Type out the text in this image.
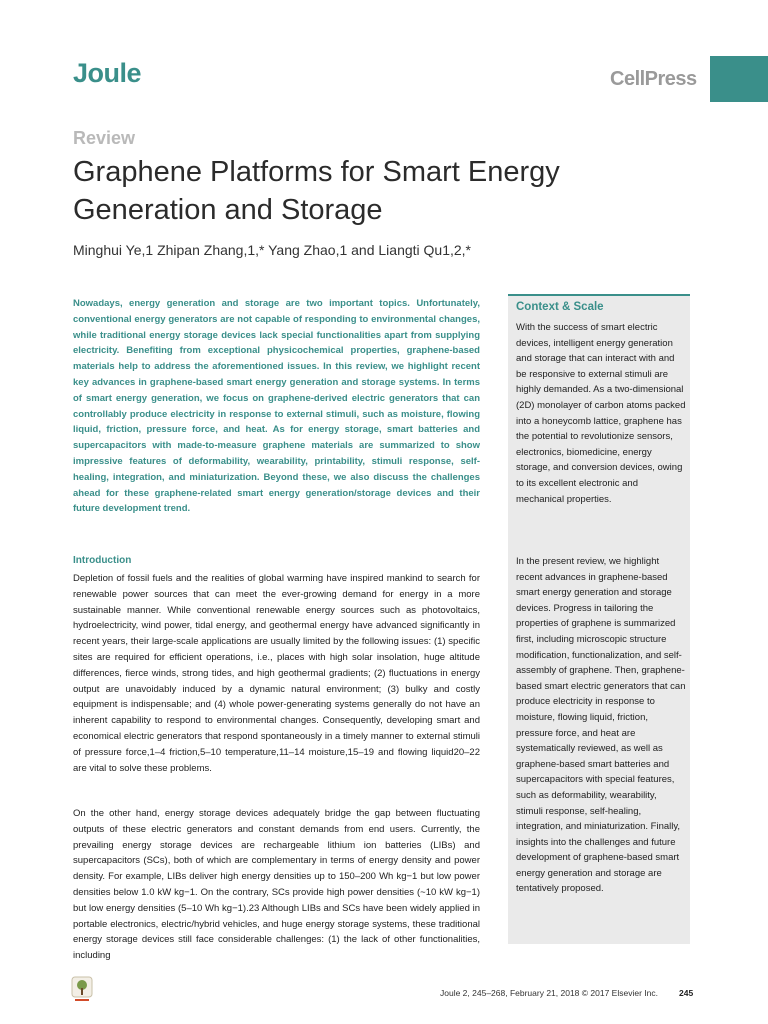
Joule	CellPress
Review
Graphene Platforms for Smart Energy Generation and Storage
Minghui Ye,1 Zhipan Zhang,1,* Yang Zhao,1 and Liangti Qu1,2,*

Nowadays, energy generation and storage are two important topics. Unfortunately, conventional energy generators are not capable of responding to environmental changes, while traditional energy storage devices lack special functionalities apart from supplying electricity. Benefiting from exceptional physicochemical properties, graphene-based materials help to address the aforementioned issues. In this review, we highlight recent key advances in graphene-based smart energy generation and storage systems. In terms of smart energy generation, we focus on graphene-derived electric generators that can controllably produce electricity in response to external stimuli, such as moisture, flowing liquid, friction, pressure force, and heat. As for energy storage, smart batteries and supercapacitors with made-to-measure graphene materials are summarized to show impressive features of deformability, wearability, printability, stimuli response, self-healing, integration, and miniaturization. Beyond these, we also discuss the challenges ahead for these graphene-related smart energy generation/storage devices and their future development trend.

Introduction

Depletion of fossil fuels and the realities of global warming have inspired mankind to search for renewable power sources that can meet the ever-growing demand for energy in a more sustainable manner. While conventional renewable energy sources such as photovoltaics, hydroelectricity, wind power, tidal energy, and geothermal energy have advanced significantly in recent years, their large-scale applications are usually limited by the following issues: (1) specific sites are required for efficient operations, i.e., places with high solar insolation, huge altitude differences, fierce winds, strong tides, and high geothermal gradients; (2) fluctuations in energy output are unavoidably induced by a dynamic natural environment; (3) bulky and costly equipment is indispensable; and (4) whole power-generating systems generally do not have an inherent capability to respond to environmental changes. Consequently, developing smart and economical electric generators that respond spontaneously in a timely manner to external stimuli of pressure force,1–4 friction,5–10 temperature,11–14 moisture,15–19 and flowing liquid20–22 are vital to solve these problems.

On the other hand, energy storage devices adequately bridge the gap between fluctuating outputs of these electric generators and constant demands from end users. Currently, the prevailing energy storage devices are rechargeable lithium ion batteries (LIBs) and supercapacitors (SCs), both of which are complementary in terms of energy density and power density. For example, LIBs deliver high energy densities up to 150–200 Wh kg−1 but low power densities below 1.0 kW kg−1. On the contrary, SCs provide high power densities (~10 kW kg−1) but low energy densities (5–10 Wh kg−1).23 Although LIBs and SCs have been widely applied in portable electronics, electric/hybrid vehicles, and huge energy storage systems, these traditional energy storage devices still face considerable challenges: (1) the lack of other functionalities, including

Context & Scale

With the success of smart electric devices, intelligent energy generation and storage that can interact with and be responsive to external stimuli are highly demanded. As a two-dimensional (2D) monolayer of carbon atoms packed into a honeycomb lattice, graphene has the potential to revolutionize sensors, electronics, biomedicine, energy storage, and conversion devices, owing to its excellent electronic and mechanical properties.

In the present review, we highlight recent advances in graphene-based smart energy generation and storage devices. Progress in tailoring the properties of graphene is summarized first, including microscopic structure modification, functionalization, and self-assembly of graphene. Then, graphene-based smart electric generators that can produce electricity in response to moisture, flowing liquid, friction, pressure force, and heat are systematically reviewed, as well as graphene-based smart batteries and supercapacitors with special features, such as deformability, wearability, stimuli response, self-healing, integration, and miniaturization. Finally, insights into the challenges and future development of graphene-based smart energy generation and storage are tentatively proposed.

Joule 2, 245–268, February 21, 2018 © 2017 Elsevier Inc. 245
